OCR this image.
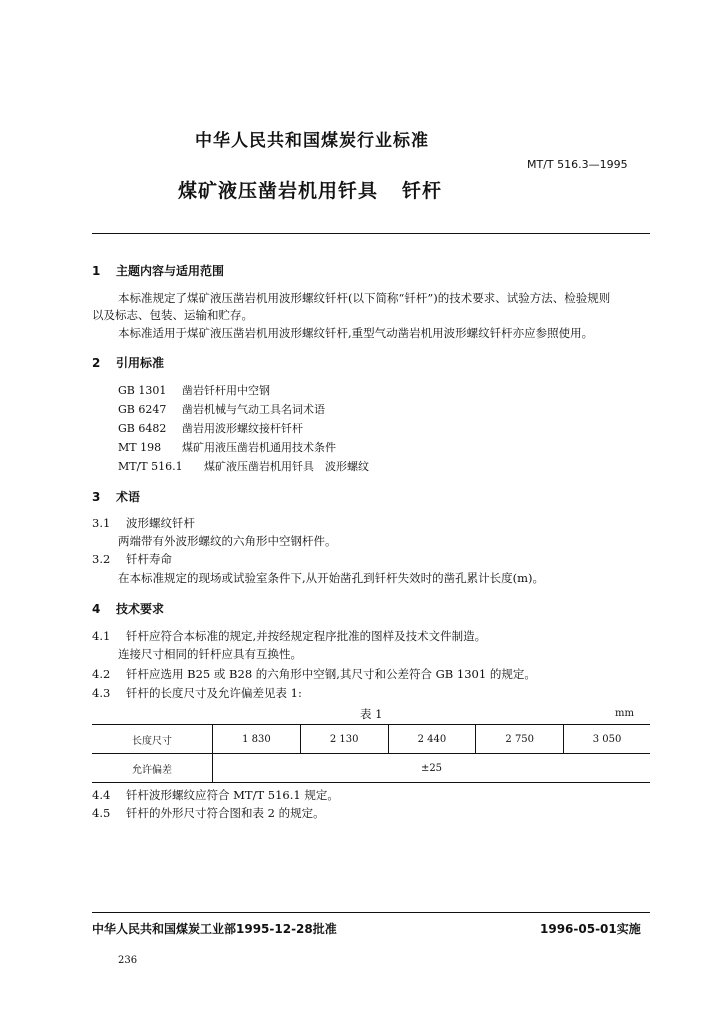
中华人民共和国煤炭行业标准
MT/T 516.3—1995
煤矿液压凿岩机用钎具 钎杆
1 主题内容与适用范围
本标准规定了煤矿液压凿岩机用波形螺纹钎杆(以下简称“钎杆”)的技术要求、试验方法、检验规则
以及标志、包装、运输和贮存。
本标准适用于煤矿液压凿岩机用波形螺纹钎杆,重型气动凿岩机用波形螺纹钎杆亦应参照使用。
2 引用标准
GB 1301 凿岩钎杆用中空钢
GB 6247 凿岩机械与气动工具名词术语
GB 6482 凿岩用波形螺纹接杆钎杆
MT 198 煤矿用液压凿岩机通用技术条件
MT/T 516.1 煤矿液压凿岩机用钎具　波形螺纹
3 术语
3.1 波形螺纹钎杆
两端带有外波形螺纹的六角形中空钢杆件。
3.2 钎杆寿命
在本标准规定的现场或试验室条件下,从开始凿孔到钎杆失效时的凿孔累计长度(m)。
4 技术要求
4.1 钎杆应符合本标准的规定,并按经规定程序批准的图样及技术文件制造。
连接尺寸相同的钎杆应具有互换性。
4.2 钎杆应选用 B25 或 B28 的六角形中空钢,其尺寸和公差符合 GB 1301 的规定。
4.3 钎杆的长度尺寸及允许偏差见表 1:
表 1	mm
长度尺寸	1 830	2 130	2 440	2 750	3 050
允许偏差	±25				
4.4 钎杆波形螺纹应符合 MT/T 516.1 规定。
4.5 钎杆的外形尺寸符合图和表 2 的规定。
中华人民共和国煤炭工业部1995-12-28批准	1996-05-01实施
236
